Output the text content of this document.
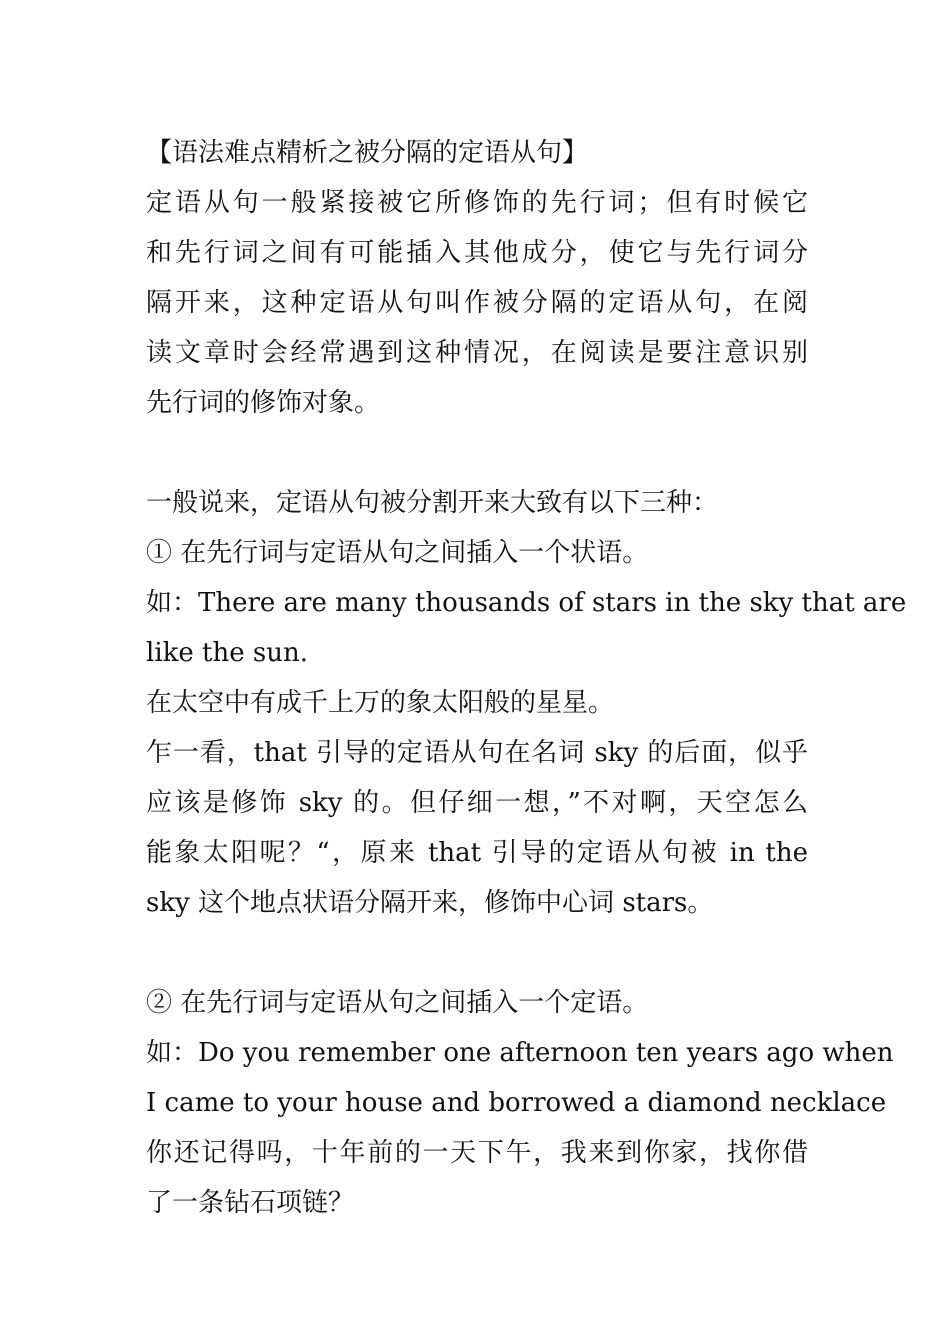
【语法难点精析之被分隔的定语从句】
定语从句一般紧接被它所修饰的先行词；但有时候它
和先行词之间有可能插入其他成分，使它与先行词分
隔开来，这种定语从句叫作被分隔的定语从句，在阅
读文章时会经常遇到这种情况，在阅读是要注意识别
先行词的修饰对象。
一般说来，定语从句被分割开来大致有以下三种：
① 在先行词与定语从句之间插入一个状语。
如：There are many thousands of stars in the sky that are
like the sun.
在太空中有成千上万的象太阳般的星星。
乍一看，that 引导的定语从句在名词 sky 的后面，似乎
应该是修饰 sky 的。但仔细一想，”不对啊，天空怎么
能象太阳呢？“，原来 that 引导的定语从句被 in the
sky 这个地点状语分隔开来，修饰中心词 stars。
② 在先行词与定语从句之间插入一个定语。
如：Do you remember one afternoon ten years ago when
I came to your house and borrowed a diamond necklace
你还记得吗，十年前的一天下午，我来到你家，找你借
了一条钻石项链？
